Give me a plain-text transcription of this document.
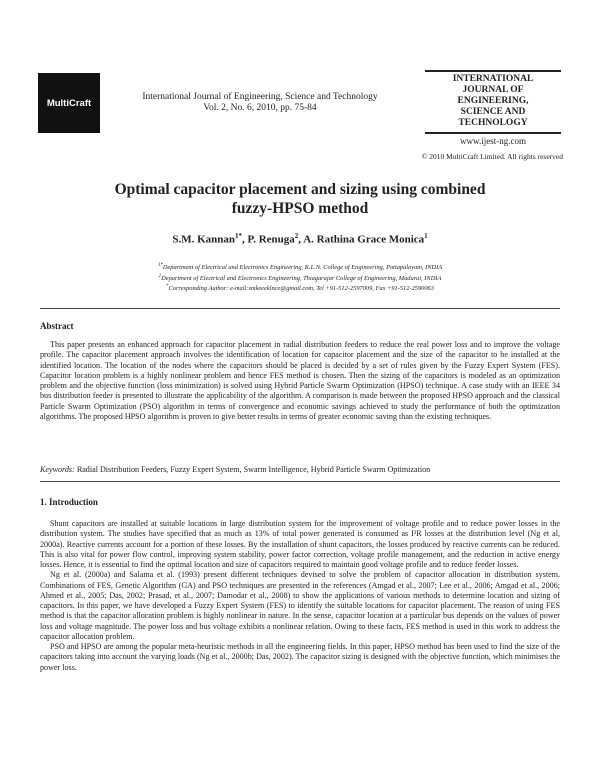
MultiCraft
International Journal of Engineering, Science and Technology
Vol. 2, No. 6, 2010, pp. 75-84
INTERNATIONAL
JOURNAL OF
ENGINEERING,
SCIENCE AND
TECHNOLOGY
www.ijest-ng.com
© 2010 MultiCraft Limited. All rights reserved
Optimal capacitor placement and sizing using combined
fuzzy-HPSO method
S.M. Kannan$^{1*}$, P. Renuga$^2$, A. Rathina Grace Monica$^1$
$^{1*}$Department of Electrical and Electronics Engineering, K.L.N. College of Engineering, Pottapalayam, INDIA
$^2$Department of Electrical and Electronics Engineering, Thiagarajar College of Engineering, Madurai, INDIA
*Corresponding Author: e-mail:smkeeeklnce@gmail.com, Tel +91-512-2597009, Fax +91-512-2590063
Abstract

This paper presents an enhanced approach for capacitor placement in radial distribution feeders to reduce the real power loss and to improve the voltage profile. The capacitor placement approach involves the identification of location for capacitor placement and the size of the capacitor to be installed at the identified location. The location of the nodes where the capacitors should be placed is decided by a set of rules given by the Fuzzy Expert System (FES). Capacitor location problem is a highly nonlinear problem and hence FES method is chosen. Then the sizing of the capacitors is modeled as an optimization problem and the objective function (loss minimization) is solved using Hybrid Particle Swarm Optimization (HPSO) technique. A case study with an IEEE 34 bus distribution feeder is presented to illustrate the applicability of the algorithm. A comparison is made between the proposed HPSO approach and the classical Particle Swarm Optimization (PSO) algorithm in terms of convergence and economic savings achieved to study the performance of both the optimization algorithms. The proposed HPSO algorithm is proven to give better results in terms of greater economic saving than the existing techniques.

Keywords: Radial Distribution Feeders, Fuzzy Expert System, Swarm Intelligence, Hybrid Particle Swarm Optimization
1. Introduction

Shunt capacitors are installed at suitable locations in large distribution system for the improvement of voltage profile and to reduce power losses in the distribution system. The studies have specified that as much as 13% of total power generated is consumed as I²R losses at the distribution level (Ng et al, 2000a). Reactive currents account for a portion of these losses. By the installation of shunt capacitors, the losses produced by reactive currents can be reduced. This is also vital for power flow control, improving system stability, power factor correction, voltage profile management, and the reduction in active energy losses. Hence, it is essential to find the optimal location and size of capacitors required to maintain good voltage profile and to reduce feeder losses.

Ng et al. (2000a) and Salama et al. (1993) present different techniques devised to solve the problem of capacitor allocation in distribution system. Combinations of FES, Genetic Algorithm (GA) and PSO techniques are presented in the references (Amgad et al., 2007; Lee et al., 2006; Amgad et al., 2006; Ahmed et al., 2005; Das, 2002; Prasad, et al., 2007; Damodar et al., 2008) to show the applications of various methods to determine location and sizing of capacitors. In this paper, we have developed a Fuzzy Expert System (FES) to identify the suitable locations for capacitor placement. The reason of using FES method is that the capacitor allocation problem is highly nonlinear in nature. In the sense, capacitor location at a particular bus depends on the values of power loss and voltage magnitude. The power loss and bus voltage exhibits a nonlinear relation. Owing to these facts, FES method is used in this work to address the capacitor allocation problem.

PSO and HPSO are among the popular meta-heuristic methods in all the engineering fields. In this paper, HPSO method has been used to find the size of the capacitors taking into account the varying loads (Ng et al., 2000b; Das, 2002). The capacitor sizing is designed with the objective function, which minimises the power loss.
